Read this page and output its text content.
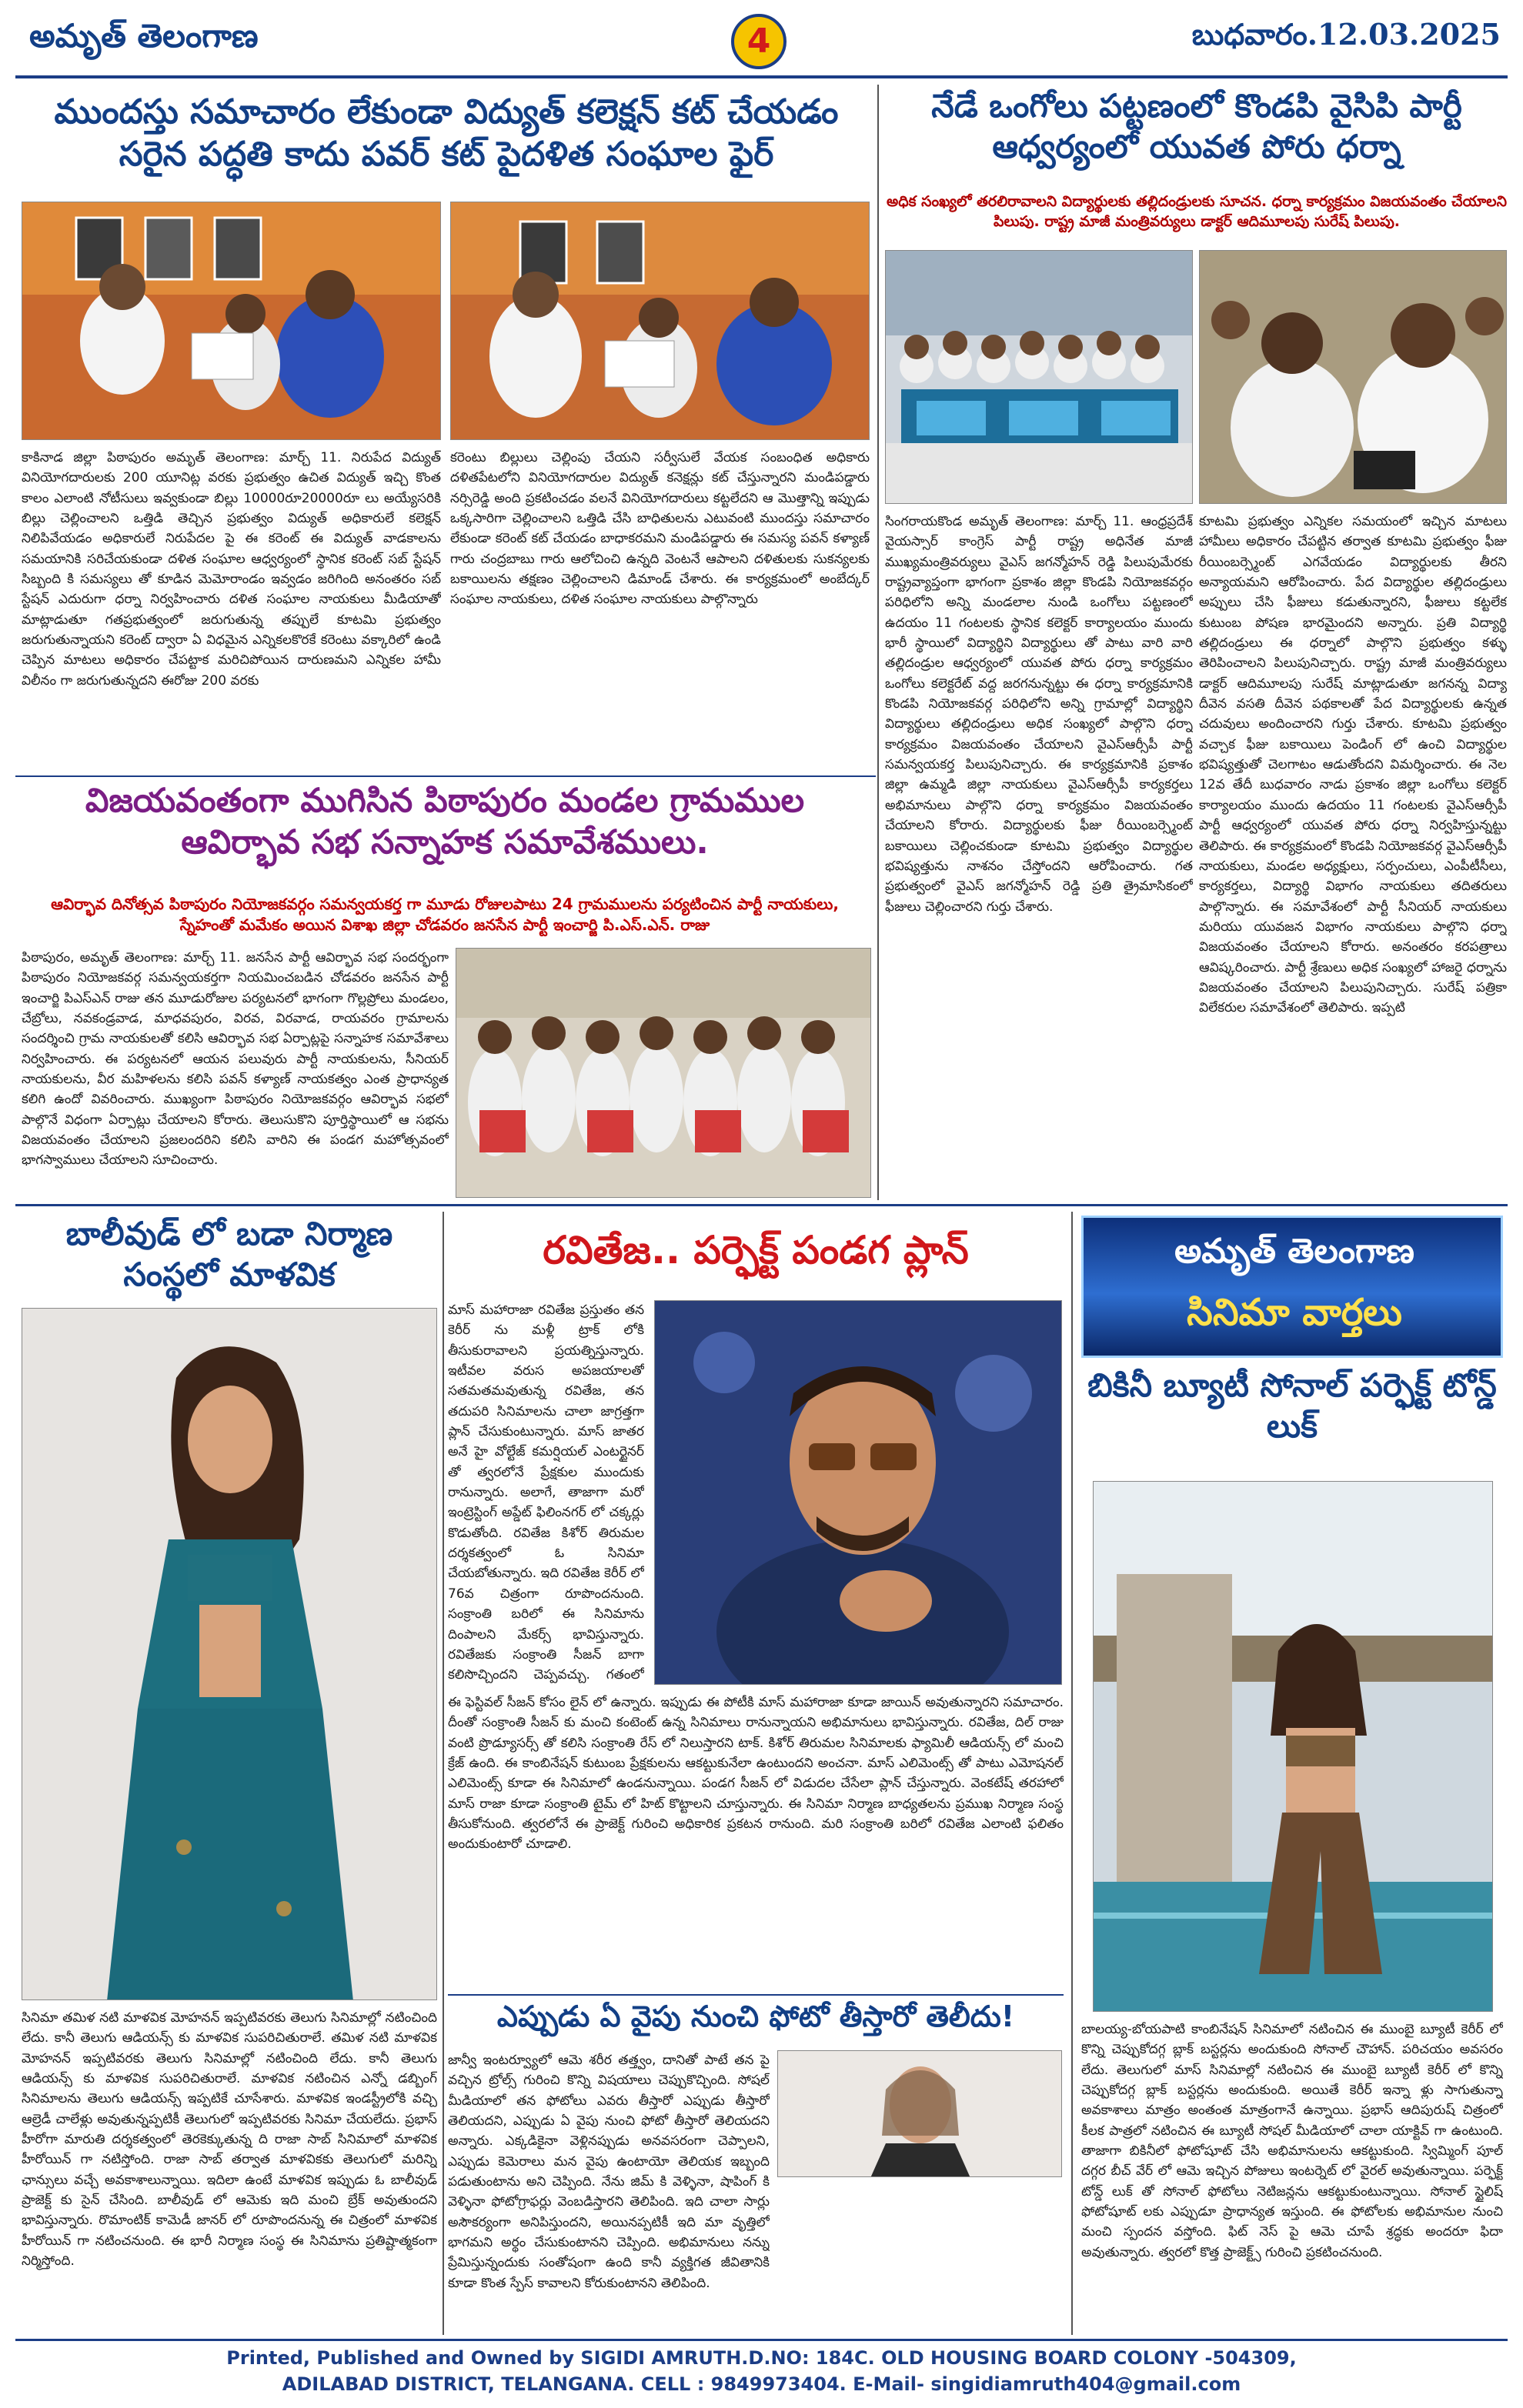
అమృత్ తెలంగాణ	4	బుధవారం.12.03.2025
ముందస్తు సమాచారం లేకుండా విద్యుత్ కలెక్షన్ కట్ చేయడం సరైన పద్ధతి కాదు పవర్ కట్ పైదళిత సంఘాల ఫైర్
కాకినాడ జిల్లా పిఠాపురం అమృత్ తెలంగాణ: మార్చ్ 11. నిరుపేద విద్యుత్ వినియోగదారులకు 200 యూనిట్ల వరకు ప్రభుత్వం ఉచిత విద్యుత్ ఇచ్చి కొంత కాలం ఎలాంటి నోటీసులు ఇవ్వకుండా బిల్లు 10000రూ20000రూ లు అయ్యేసరికి బిల్లు చెల్లించాలని ఒత్తిడి తెచ్చిన ప్రభుత్వం విద్యుత్ అధికారులే కలెక్షన్ నిలిపివేయడం అధికారులే నిరుపేదల పై ఈ కరెంట్ ఈ విద్యుత్ వాడకాలను సమయానికి సరిచేయకుండా దళిత సంఘాల ఆధ్వర్యంలో స్థానిక కరెంట్ సబ్ స్టేషన్ సిబ్బంది కి సమస్యలు తో కూడిన మెమోరాండం ఇవ్వడం జరిగింది అనంతరం సబ్ స్టేషన్ ఎదురుగా ధర్నా నిర్వహించారు దళిత సంఘాల నాయకులు మీడియాతో మాట్లాడుతూ గతప్రభుత్వంలో జరుగుతున్న తప్పులే కూటమి ప్రభుత్వం జరుగుతున్నాయని కరెంట్ ద్వారా ఏ విధమైన ఎన్నికలకొరకే కరెంటు వక్కారిలో ఉండి చెప్పిన మాటలు అధికారం చేపట్టాక మరిచిపోయిన దారుణమని ఎన్నికల హామీ విలీనం గా జరుగుతున్నదని ఈరోజు 200 వరకు
కరెంటు బిల్లులు చెల్లింపు చేయని సర్వీసులే వేయక సంబంధిత అధికారు దళితపేటలోని వినియోగదారుల విద్యుత్ కనెక్షన్లు కట్ చేస్తున్నారని మండిపడ్డారు నర్సిరెడ్డి అంది ప్రకటించడం వలనే వినియోగదారులు కట్టలేదని ఆ మొత్తాన్ని ఇప్పుడు ఒక్కసారిగా చెల్లించాలని ఒత్తిడి చేసి బాధితులను ఎటువంటి ముందస్తు సమాచారం లేకుండా కరెంట్ కట్ చేయడం బాధాకరమని మండిపడ్డారు ఈ సమస్య పవన్ కళ్యాణ్ గారు చంద్రబాబు గారు ఆలోచించి ఉన్నది వెంటనే ఆపాలని దళితులకు సుకన్యలకు బకాయిలను తక్షణం చెల్లించాలని డిమాండ్ చేశారు. ఈ కార్యక్రమంలో అంబేద్కర్ సంఘాల నాయకులు, దళిత సంఘాల నాయకులు పాల్గొన్నారు
నేడే ఒంగోలు పట్టణంలో కొండపి వైసిపి పార్టీ ఆధ్వర్యంలో యువత పోరు ధర్నా
అధిక సంఖ్యలో తరలిరావాలని విద్యార్థులకు తల్లిదండ్రులకు సూచన. ధర్నా కార్యక్రమం విజయవంతం చేయాలని పిలుపు. రాష్ట్ర మాజీ మంత్రివర్యులు డాక్టర్ ఆదిమూలపు సురేష్ పిలుపు.
సింగరాయకొండ అమృత్ తెలంగాణ: మార్చ్ 11. ఆంధ్రప్రదేశ్ వైయస్సార్ కాంగ్రెస్ పార్టీ రాష్ట్ర అధినేత మాజీ ముఖ్యమంత్రివర్యులు వైఎస్ జగన్మోహన్ రెడ్డి పిలుపుమేరకు రాష్ట్రవ్యాప్తంగా భాగంగా ప్రకాశం జిల్లా కొండపి నియోజకవర్గం పరిధిలోని అన్ని మండలాల నుండి ఒంగోలు పట్టణంలో ఉదయం 11 గంటలకు స్థానిక కలెక్టర్ కార్యాలయం ముందు భారీ స్థాయిలో విద్యార్థిని విద్యార్థులు తో పాటు వారి వారి తల్లిదండ్రుల ఆధ్వర్యంలో యువత పోరు ధర్నా కార్యక్రమం ఒంగోలు కలెక్టరేట్ వద్ద జరగనున్నట్టు ఈ ధర్నా కార్యక్రమానికి కొండపి నియోజకవర్గ పరిధిలోని అన్ని గ్రామాల్లో విద్యార్థిని విద్యార్థులు తల్లిదండ్రులు అధిక సంఖ్యలో పాల్గొని ధర్నా కార్యక్రమం విజయవంతం చేయాలని వైఎస్ఆర్సీపీ పార్టీ సమన్వయకర్త పిలుపునిచ్చారు. ఈ కార్యక్రమానికి ప్రకాశం జిల్లా ఉమ్మడి జిల్లా నాయకులు వైఎస్ఆర్సీపీ కార్యకర్తలు అభిమానులు పాల్గొని ధర్నా కార్యక్రమం విజయవంతం చేయాలని కోరారు. విద్యార్థులకు ఫీజు రీయింబర్స్మెంట్ బకాయిలు చెల్లించకుండా కూటమి ప్రభుత్వం విద్యార్థుల భవిష్యత్తును నాశనం చేస్తోందని ఆరోపించారు. గత ప్రభుత్వంలో వైఎస్ జగన్మోహన్ రెడ్డి ప్రతి త్రైమాసికంలో ఫీజులు చెల్లించారని గుర్తు చేశారు.
కూటమి ప్రభుత్వం ఎన్నికల సమయంలో ఇచ్చిన మాటలు హామీలు అధికారం చేపట్టిన తర్వాత కూటమి ప్రభుత్వం ఫీజు రీయింబర్స్మెంట్ ఎగవేయడం విద్యార్థులకు తీరని అన్యాయమని ఆరోపించారు. పేద విద్యార్థుల తల్లిదండ్రులు అప్పులు చేసి ఫీజులు కడుతున్నారని, ఫీజులు కట్టలేక కుటుంబ పోషణ భారమైందని అన్నారు. ప్రతి విద్యార్థి తల్లిదండ్రులు ఈ ధర్నాలో పాల్గొని ప్రభుత్వం కళ్ళు తెరిపించాలని పిలుపునిచ్చారు. రాష్ట్ర మాజీ మంత్రివర్యులు డాక్టర్ ఆదిమూలపు సురేష్ మాట్లాడుతూ జగనన్న విద్యా దీవెన వసతి దీవెన పథకాలతో పేద విద్యార్థులకు ఉన్నత చదువులు అందించారని గుర్తు చేశారు. కూటమి ప్రభుత్వం వచ్చాక ఫీజు బకాయిలు పెండింగ్ లో ఉంచి విద్యార్థుల భవిష్యత్తుతో చెలగాటం ఆడుతోందని విమర్శించారు. ఈ నెల 12వ తేదీ బుధవారం నాడు ప్రకాశం జిల్లా ఒంగోలు కలెక్టర్ కార్యాలయం ముందు ఉదయం 11 గంటలకు వైఎస్ఆర్సీపీ పార్టీ ఆధ్వర్యంలో యువత పోరు ధర్నా నిర్వహిస్తున్నట్టు తెలిపారు. ఈ కార్యక్రమంలో కొండపి నియోజకవర్గ వైఎస్ఆర్సీపీ నాయకులు, మండల అధ్యక్షులు, సర్పంచులు, ఎంపీటీసీలు, కార్యకర్తలు, విద్యార్థి విభాగం నాయకులు తదితరులు పాల్గొన్నారు. ఈ సమావేశంలో పార్టీ సీనియర్ నాయకులు మరియు యువజన విభాగం నాయకులు పాల్గొని ధర్నా విజయవంతం చేయాలని కోరారు. అనంతరం కరపత్రాలు ఆవిష్కరించారు. పార్టీ శ్రేణులు అధిక సంఖ్యలో హాజరై ధర్నాను విజయవంతం చేయాలని పిలుపునిచ్చారు. సురేష్ పత్రికా విలేకరుల సమావేశంలో తెలిపారు. ఇప్పటి
విజయవంతంగా ముగిసిన పిఠాపురం మండల గ్రామముల ఆవిర్భావ సభ సన్నాహక సమావేశములు.
ఆవిర్భావ దినోత్సవ పిఠాపురం నియోజకవర్గం సమన్వయకర్త గా మూడు రోజులపాటు 24 గ్రామములను పర్యటించిన పార్టీ నాయకులు, స్నేహంతో మమేకం అయిన విశాఖ జిల్లా చోడవరం జనసేన పార్టీ ఇంచార్జి పి.ఎస్.ఎన్. రాజు
పిఠాపురం, అమృత్ తెలంగాణ: మార్చ్ 11. జనసేన పార్టీ ఆవిర్భావ సభ సందర్భంగా పిఠాపురం నియోజకవర్గ సమన్వయకర్తగా నియమించబడిన చోడవరం జనసేన పార్టీ ఇంచార్జి పిఎస్ఎన్ రాజు తన మూడురోజుల పర్యటనలో భాగంగా గొల్లప్రోలు మండలం, చేబ్రోలు, నవకండ్రవాడ, మాధవపురం, విరవ, విరవాడ, రాయవరం గ్రామాలను సందర్శించి గ్రామ నాయకులతో కలిసి ఆవిర్భావ సభ ఏర్పాట్లపై సన్నాహక సమావేశాలు నిర్వహించారు. ఈ పర్యటనలో ఆయన పలువురు పార్టీ నాయకులను, సీనియర్ నాయకులను, వీర మహిళలను కలిసి పవన్ కళ్యాణ్ నాయకత్వం ఎంత ప్రాధాన్యత కలిగి ఉందో వివరించారు. ముఖ్యంగా పిఠాపురం నియోజకవర్గం ఆవిర్భావ సభలో పాల్గొనే విధంగా ఏర్పాట్లు చేయాలని కోరారు. తెలుసుకొని పూర్తిస్థాయిలో ఆ సభను విజయవంతం చేయాలని ప్రజలందరిని కలిసి వారిని ఈ పండగ మహోత్సవంలో భాగస్వాములు చేయాలని సూచించారు.
బాలీవుడ్ లో బడా నిర్మాణ సంస్థలో మాళవిక
సినిమా తమిళ నటి మాళవిక మోహనన్ ఇప్పటివరకు తెలుగు సినిమాల్లో నటించింది లేదు. కానీ తెలుగు ఆడియన్స్ కు మాళవిక సుపరిచితురాలే. తమిళ నటి మాళవిక మోహనన్ ఇప్పటివరకు తెలుగు సినిమాల్లో నటించింది లేదు. కానీ తెలుగు ఆడియన్స్ కు మాళవిక సుపరిచితురాలే. మాళవిక నటించిన ఎన్నో డబ్బింగ్ సినిమాలను తెలుగు ఆడియన్స్ ఇప్పటికే చూసేశారు. మాళవిక ఇండస్ట్రీలోకి వచ్చి ఆల్రెడీ చాలేళ్లు అవుతున్నప్పటికీ తెలుగులో ఇప్పటివరకు సినిమా చేయలేదు. ప్రభాస్ హీరోగా మారుతి దర్శకత్వంలో తెరకెక్కుతున్న ది రాజా సాబ్ సినిమాలో మాళవిక హీరోయిన్ గా నటిస్తోంది. రాజా సాబ్ తర్వాత మాళవికకు తెలుగులో మరిన్ని ఛాన్సులు వచ్చే అవకాశాలున్నాయి. ఇదిలా ఉంటే మాళవిక ఇప్పుడు ఓ బాలీవుడ్ ప్రాజెక్ట్ కు సైన్ చేసింది. బాలీవుడ్ లో ఆమెకు ఇది మంచి బ్రేక్ అవుతుందని భావిస్తున్నారు. రొమాంటిక్ కామెడీ జానర్ లో రూపొందనున్న ఈ చిత్రంలో మాళవిక హీరోయిన్ గా నటించనుంది. ఈ భారీ నిర్మాణ సంస్థ ఈ సినిమాను ప్రతిష్టాత్మకంగా నిర్మిస్తోంది.
రవితేజ.. పర్ఫెక్ట్ పండగ ప్లాన్
మాస్ మహారాజా రవితేజ ప్రస్తుతం తన కెరీర్ ను మళ్లీ ట్రాక్ లోకి తీసుకురావాలని ప్రయత్నిస్తున్నారు. ఇటీవల వరుస అపజయాలతో సతమతమవుతున్న రవితేజ, తన తదుపరి సినిమాలను చాలా జాగ్రత్తగా ప్లాన్ చేసుకుంటున్నారు. మాస్ జాతర అనే హై వోల్టేజ్ కమర్షియల్ ఎంటర్టైనర్ తో త్వరలోనే ప్రేక్షకుల ముందుకు రానున్నారు. అలాగే, తాజాగా మరో ఇంట్రెస్టింగ్ అప్డేట్ ఫిలింనగర్ లో చక్కర్లు కొడుతోంది. రవితేజ కిశోర్ తిరుమల దర్శకత్వంలో ఓ సినిమా చేయబోతున్నారు. ఇది రవితేజ కెరీర్ లో 76వ చిత్రంగా రూపొందనుంది. సంక్రాంతి బరిలో ఈ సినిమాను దింపాలని మేకర్స్ భావిస్తున్నారు. రవితేజకు సంక్రాంతి సీజన్ బాగా కలిసొచ్చిందని చెప్పవచ్చు. గతంలో
ఈ ఫెస్టివల్ సీజన్ కోసం లైన్ లో ఉన్నారు. ఇప్పుడు ఈ పోటీకి మాస్ మహారాజా కూడా జాయిన్ అవుతున్నారని సమాచారం. దీంతో సంక్రాంతి సీజన్ కు మంచి కంటెంట్ ఉన్న సినిమాలు రానున్నాయని అభిమానులు భావిస్తున్నారు. రవితేజ, దిల్ రాజు వంటి ప్రొడ్యూసర్స్ తో కలిసి సంక్రాంతి రేస్ లో నిలుస్తారని టాక్. కిశోర్ తిరుమల సినిమాలకు ఫ్యామిలీ ఆడియన్స్ లో మంచి క్రేజ్ ఉంది. ఈ కాంబినేషన్ కుటుంబ ప్రేక్షకులను ఆకట్టుకునేలా ఉంటుందని అంచనా. మాస్ ఎలిమెంట్స్ తో పాటు ఎమోషనల్ ఎలిమెంట్స్ కూడా ఈ సినిమాలో ఉండనున్నాయి. పండగ సీజన్ లో విడుదల చేసేలా ప్లాన్ చేస్తున్నారు. వెంకటేష్ తరహాలో మాస్ రాజా కూడా సంక్రాంతి టైమ్ లో హిట్ కొట్టాలని చూస్తున్నారు. ఈ సినిమా నిర్మాణ బాధ్యతలను ప్రముఖ నిర్మాణ సంస్థ తీసుకోనుంది. త్వరలోనే ఈ ప్రాజెక్ట్ గురించి అధికారిక ప్రకటన రానుంది. మరి సంక్రాంతి బరిలో రవితేజ ఎలాంటి ఫలితం అందుకుంటారో చూడాలి.
ఎప్పుడు ఏ వైపు నుంచి ఫోటో తీస్తారో తెలీదు!
జాన్వీ ఇంటర్వ్యూలో ఆమె శరీర తత్త్వం, దానితో పాటే తన పై వచ్చిన ట్రోల్స్ గురించి కొన్ని విషయాలు చెప్పుకొచ్చింది. సోషల్ మీడియాలో తన ఫోటోలు ఎవరు తీస్తారో ఎప్పుడు తీస్తారో తెలియదని, ఎప్పుడు ఏ వైపు నుంచి ఫోటో తీస్తారో తెలియదని అన్నారు. ఎక్కడికైనా వెళ్లినప్పుడు అనవసరంగా చెప్పాలని, ఎప్పుడు కెమెరాలు మన వైపు ఉంటాయో తెలియక ఇబ్బంది పడుతుంటాను అని చెప్పింది. నేను జిమ్ కి వెళ్ళినా, షాపింగ్ కి వెళ్ళినా ఫోటోగ్రాఫర్లు వెంబడిస్తారని తెలిపింది. ఇది చాలా సార్లు అసౌకర్యంగా అనిపిస్తుందని, అయినప్పటికీ ఇది మా వృత్తిలో భాగమని అర్థం చేసుకుంటానని చెప్పింది. అభిమానులు నన్ను ప్రేమిస్తున్నందుకు సంతోషంగా ఉంది కానీ వ్యక్తిగత జీవితానికి కూడా కొంత స్పేస్ కావాలని కోరుకుంటానని తెలిపింది.
అమృత్ తెలంగాణ
సినిమా వార్తలు
బికినీ బ్యూటీ సోనాల్ పర్ఫెక్ట్ టోన్డ్ లుక్
బాలయ్య-బోయపాటి కాంబినేషన్ సినిమాలో నటించిన ఈ ముంబై బ్యూటీ కెరీర్ లో కొన్ని చెప్పుకోదగ్గ బ్లాక్ బస్టర్లను అందుకుంది సోనాల్ చౌహాన్. పరిచయం అవసరం లేదు. తెలుగులో మాస్ సినిమాల్లో నటించిన ఈ ముంబై బ్యూటీ కెరీర్ లో కొన్ని చెప్పుకోదగ్గ బ్లాక్ బస్టర్లను అందుకుంది. అయితే కెరీర్ ఇన్నా ళ్లు సాగుతున్నా అవకాశాలు మాత్రం అంతంత మాత్రంగానే ఉన్నాయి. ప్రభాస్ ఆదిపురుష్ చిత్రంలో కీలక పాత్రలో నటించిన ఈ బ్యూటీ సోషల్ మీడియాలో చాలా యాక్టివ్ గా ఉంటుంది. తాజాగా బికినీలో ఫోటోషూట్ చేసి అభిమానులను ఆకట్టుకుంది. స్విమ్మింగ్ పూల్ దగ్గర బీచ్ వేర్ లో ఆమె ఇచ్చిన పోజులు ఇంటర్నెట్ లో వైరల్ అవుతున్నాయి. పర్ఫెక్ట్ టోన్డ్ లుక్ తో సోనాల్ ఫోటోలు నెటిజన్లను ఆకట్టుకుంటున్నాయి. సోనాల్ స్టైలిష్ ఫోటోషూట్ లకు ఎప్పుడూ ప్రాధాన్యత ఇస్తుంది. ఈ ఫోటోలకు అభిమానుల నుంచి మంచి స్పందన వస్తోంది. ఫిట్ నెస్ పై ఆమె చూపే శ్రద్ధకు అందరూ ఫిదా అవుతున్నారు. త్వరలో కొత్త ప్రాజెక్ట్స్ గురించి ప్రకటించనుంది.
Printed, Published and Owned by SIGIDI AMRUTH.D.NO: 184C. OLD HOUSING BOARD COLONY -504309,
ADILABAD DISTRICT, TELANGANA. CELL : 9849973404. E-Mail- singidiamruth404@gmail.com
